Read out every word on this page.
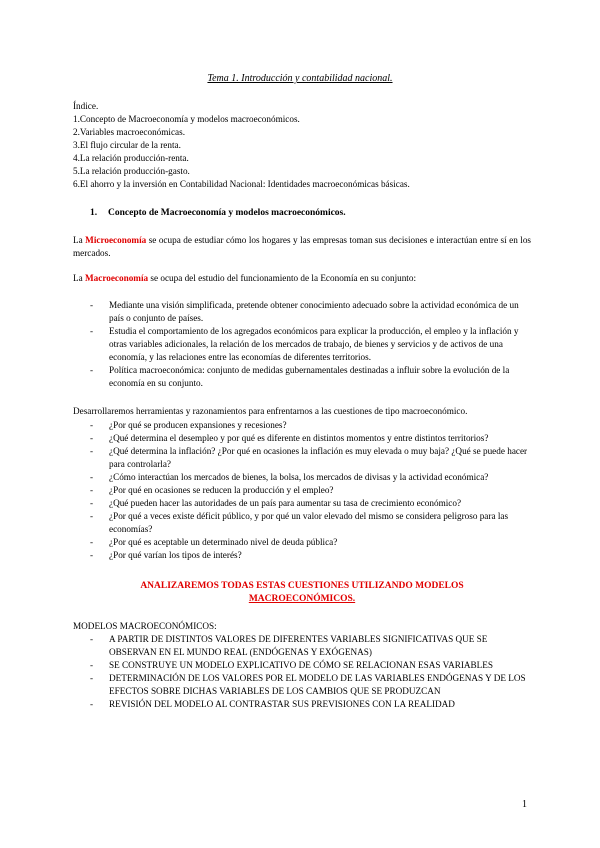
Tema 1. Introducción y contabilidad nacional.

Índice.

1.Concepto de Macroeconomía y modelos macroeconómicos.

2.Variables macroeconómicas.

3.El flujo circular de la renta.

4.La relación producción-renta.

5.La relación producción-gasto.

6.El ahorro y la inversión en Contabilidad Nacional: Identidades macroeconómicas básicas.

1. Concepto de Macroeconomía y modelos macroeconómicos.
La Microeconomía se ocupa de estudiar cómo los hogares y las empresas toman sus decisiones e interactúan entre sí en los mercados.
La Macroeconomía se ocupa del estudio del funcionamiento de la Economía en su conjunto:
- Mediante una visión simplificada, pretende obtener conocimiento adecuado sobre la actividad económica de un país o conjunto de países.
- Estudia el comportamiento de los agregados económicos para explicar la producción, el empleo y la inflación y otras variables adicionales, la relación de los mercados de trabajo, de bienes y servicios y de activos de una economía, y las relaciones entre las economías de diferentes territorios.
- Política macroeconómica: conjunto de medidas gubernamentales destinadas a influir sobre la evolución de la economía en su conjunto.
Desarrollaremos herramientas y razonamientos para enfrentarnos a las cuestiones de tipo macroeconómico.
- ¿Por qué se producen expansiones y recesiones?
- ¿Qué determina el desempleo y por qué es diferente en distintos momentos y entre distintos territorios?
- ¿Qué determina la inflación? ¿Por qué en ocasiones la inflación es muy elevada o muy baja? ¿Qué se puede hacer para controlarla?
- ¿Cómo interactúan los mercados de bienes, la bolsa, los mercados de divisas y la actividad económica?
- ¿Por qué en ocasiones se reducen la producción y el empleo?
- ¿Qué pueden hacer las autoridades de un país para aumentar su tasa de crecimiento económico?
- ¿Por qué a veces existe déficit público, y por qué un valor elevado del mismo se considera peligroso para las economías?
- ¿Por qué es aceptable un determinado nivel de deuda pública?
- ¿Por qué varían los tipos de interés?
ANALIZAREMOS TODAS ESTAS CUESTIONES UTILIZANDO MODELOS
MACROECONÓMICOS.
MODELOS MACROECONÓMICOS:
- A PARTIR DE DISTINTOS VALORES DE DIFERENTES VARIABLES SIGNIFICATIVAS QUE SE OBSERVAN EN EL MUNDO REAL (ENDÓGENAS Y EXÓGENAS)
- SE CONSTRUYE UN MODELO EXPLICATIVO DE CÓMO SE RELACIONAN ESAS VARIABLES
- DETERMINACIÓN DE LOS VALORES POR EL MODELO DE LAS VARIABLES ENDÓGENAS Y DE LOS EFECTOS SOBRE DICHAS VARIABLES DE LOS CAMBIOS QUE SE PRODUZCAN
- REVISIÓN DEL MODELO AL CONTRASTAR SUS PREVISIONES CON LA REALIDAD
1
